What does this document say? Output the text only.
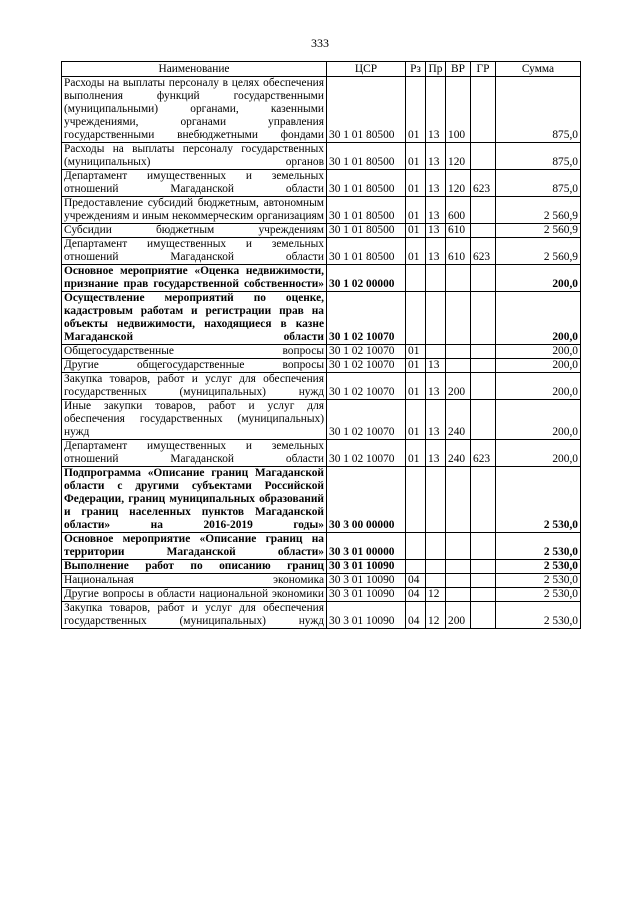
333
Наименование	ЦСР	Рз	Пр	ВР	ГР	Сумма
Расходы на выплаты персоналу в целях обеспечения выполнения функций государственными (муниципальными) органами, казенными учреждениями, органами управления государственными внебюджетными фондами	30 1 01 80500	01	13	100		875,0
Расходы на выплаты персоналу государственных (муниципальных) органов	30 1 01 80500	01	13	120		875,0
Департамент имущественных и земельных отношений Магаданской области	30 1 01 80500	01	13	120	623	875,0
Предоставление субсидий бюджетным, автономным учреждениям и иным некоммерческим организациям	30 1 01 80500	01	13	600		2 560,9
Субсидии бюджетным учреждениям	30 1 01 80500	01	13	610		2 560,9
Департамент имущественных и земельных отношений Магаданской области	30 1 01 80500	01	13	610	623	2 560,9
Основное мероприятие «Оценка недвижимости, признание прав государственной собственности»	30 1 02 00000					200,0
Осуществление мероприятий по оценке, кадастровым работам и регистрации прав на объекты недвижимости, находящиеся в казне Магаданской области	30 1 02 10070					200,0
Общегосударственные вопросы	30 1 02 10070	01				200,0
Другие общегосударственные вопросы	30 1 02 10070	01	13			200,0
Закупка товаров, работ и услуг для обеспечения государственных (муниципальных) нужд	30 1 02 10070	01	13	200		200,0
Иные закупки товаров, работ и услуг для обеспечения государственных (муниципальных) нужд	30 1 02 10070	01	13	240		200,0
Департамент имущественных и земельных отношений Магаданской области	30 1 02 10070	01	13	240	623	200,0
Подпрограмма «Описание границ Магаданской области с другими субъектами Российской Федерации, границ муниципальных образований и границ населенных пунктов Магаданской области» на 2016-2019 годы»	30 3 00 00000					2 530,0
Основное мероприятие «Описание границ на территории Магаданской области»	30 3 01 00000					2 530,0
Выполнение работ по описанию границ	30 3 01 10090					2 530,0
Национальная экономика	30 3 01 10090	04				2 530,0
Другие вопросы в области национальной экономики	30 3 01 10090	04	12			2 530,0
Закупка товаров, работ и услуг для обеспечения государственных (муниципальных) нужд	30 3 01 10090	04	12	200		2 530,0
